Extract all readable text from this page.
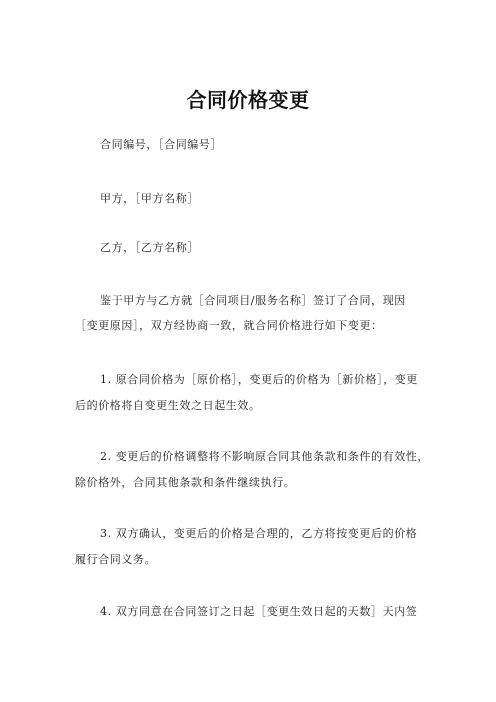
合同价格变更
合同编号，［合同编号］
甲方，［甲方名称］
乙方，［乙方名称］
鉴于甲方与乙方就［合同项目/服务名称］签订了合同，现因
［变更原因］，双方经协商一致，就合同价格进行如下变更：
1. 原合同价格为［原价格］，变更后的价格为［新价格］，变更
后的价格将自变更生效之日起生效。
2. 变更后的价格调整将不影响原合同其他条款和条件的有效性，
除价格外，合同其他条款和条件继续执行。
3. 双方确认，变更后的价格是合理的，乙方将按变更后的价格
履行合同义务。
4. 双方同意在合同签订之日起［变更生效日起的天数］天内签
